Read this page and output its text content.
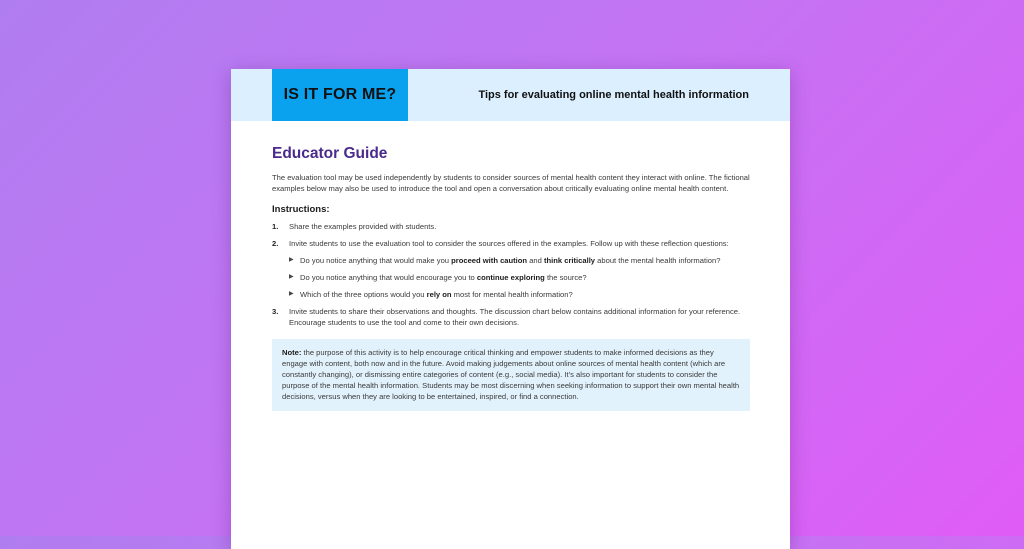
IS IT FOR ME?	Tips for evaluating online mental health information
Educator Guide

The evaluation tool may be used independently by students to consider sources of mental health content they interact with online. The fictional examples below may also be used to introduce the tool and open a conversation about critically evaluating online mental health content.

Instructions:
1. Share the examples provided with students.
2. Invite students to use the evaluation tool to consider the sources offered in the examples. Follow up with these reflection questions:
▶ Do you notice anything that would make you proceed with caution and think critically about the mental health information?
▶ Do you notice anything that would encourage you to continue exploring the source?
▶ Which of the three options would you rely on most for mental health information?
3. Invite students to share their observations and thoughts. The discussion chart below contains additional information for your reference. Encourage students to use the tool and come to their own decisions.
Note: the purpose of this activity is to help encourage critical thinking and empower students to make informed decisions as they engage with content, both now and in the future. Avoid making judgements about online sources of mental health content (which are constantly changing), or dismissing entire categories of content (e.g., social media). It’s also important for students to consider the purpose of the mental health information. Students may be most discerning when seeking information to support their own mental health decisions, versus when they are looking to be entertained, inspired, or find a connection.
